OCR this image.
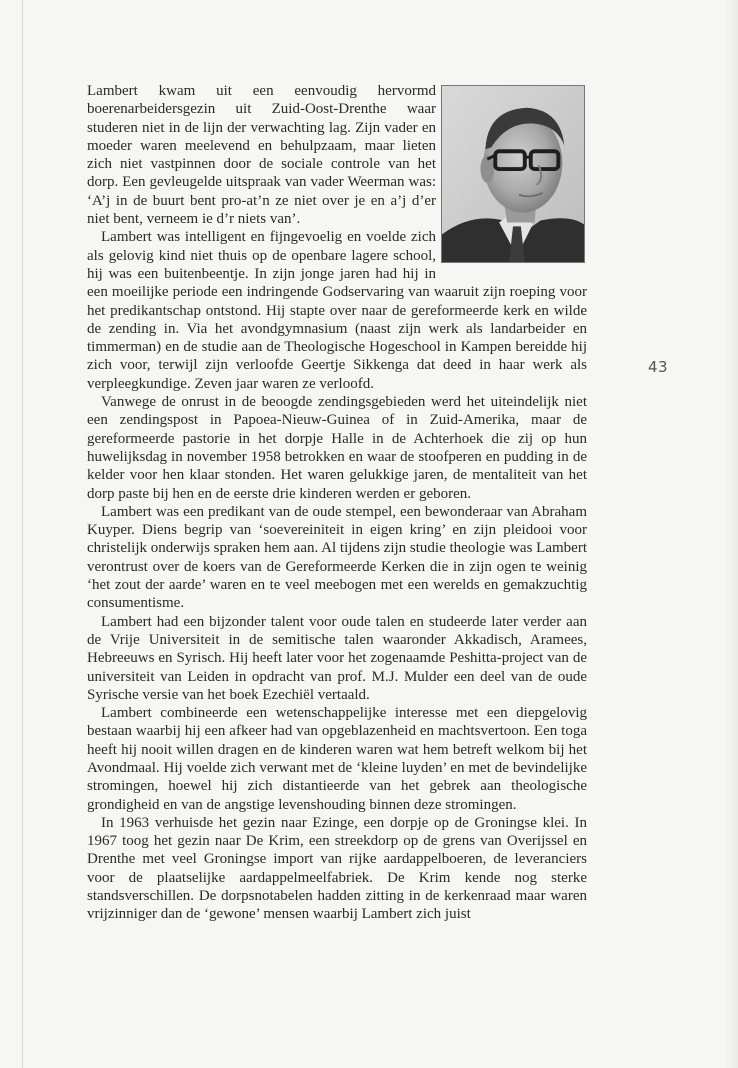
43

Lambert kwam uit een eenvoudig hervormd boerenarbeidersgezin uit Zuid-Oost-Drenthe waar studeren niet in de lijn der verwachting lag. Zijn vader en moeder waren meelevend en behulpzaam, maar lieten zich niet vastpinnen door de sociale controle van het dorp. Een gevleugelde uitspraak van vader Weerman was: ‘A’j in de buurt bent pro-at’n ze niet over je en a’j d’er niet bent, verneem ie d’r niets van’.

Lambert was intelligent en fijngevoelig en voelde zich als gelovig kind niet thuis op de openbare lagere school, hij was een buitenbeentje. In zijn jonge jaren had hij in een moeilijke periode een indringende Godservaring van waaruit zijn roeping voor het predikantschap ontstond. Hij stapte over naar de gereformeerde kerk en wilde de zending in. Via het avondgymnasium (naast zijn werk als landarbeider en timmerman) en de studie aan de Theologische Hogeschool in Kampen bereidde hij zich voor, terwijl zijn verloofde Geertje Sikkenga dat deed in haar werk als verpleegkundige. Zeven jaar waren ze verloofd.

Vanwege de onrust in de beoogde zendingsgebieden werd het uiteindelijk niet een zendingspost in Papoea-Nieuw-Guinea of in Zuid-Amerika, maar de gereformeerde pastorie in het dorpje Halle in de Achterhoek die zij op hun huwelijksdag in november 1958 betrokken en waar de stoofperen en pudding in de kelder voor hen klaar stonden. Het waren gelukkige jaren, de mentaliteit van het dorp paste bij hen en de eerste drie kinderen werden er geboren.

Lambert was een predikant van de oude stempel, een bewonderaar van Abraham Kuyper. Diens begrip van ‘soevereiniteit in eigen kring’ en zijn pleidooi voor christelijk onderwijs spraken hem aan. Al tijdens zijn studie theologie was Lambert verontrust over de koers van de Gereformeerde Kerken die in zijn ogen te weinig ‘het zout der aarde’ waren en te veel meebogen met een werelds en gemakzuchtig consumentisme.

Lambert had een bijzonder talent voor oude talen en studeerde later verder aan de Vrije Universiteit in de semitische talen waaronder Akkadisch, Aramees, Hebreeuws en Syrisch. Hij heeft later voor het zogenaamde Peshitta-project van de universiteit van Leiden in opdracht van prof. M.J. Mulder een deel van de oude Syrische versie van het boek Ezechiël vertaald.

Lambert combineerde een wetenschappelijke interesse met een diepgelovig bestaan waarbij hij een afkeer had van opgeblazenheid en machtsvertoon. Een toga heeft hij nooit willen dragen en de kinderen waren wat hem betreft welkom bij het Avondmaal. Hij voelde zich verwant met de ‘kleine luyden’ en met de bevindelijke stromingen, hoewel hij zich distantieerde van het gebrek aan theologische grondigheid en van de angstige levenshouding binnen deze stromingen.

In 1963 verhuisde het gezin naar Ezinge, een dorpje op de Groningse klei. In 1967 toog het gezin naar De Krim, een streekdorp op de grens van Overijssel en Drenthe met veel Groningse import van rijke aardappelboeren, de leveranciers voor de plaatselijke aardappelmeelfabriek. De Krim kende nog sterke standsverschillen. De dorpsnotabelen hadden zitting in de kerkenraad maar waren vrijzinniger dan de ‘gewone’ mensen waarbij Lambert zich juist
